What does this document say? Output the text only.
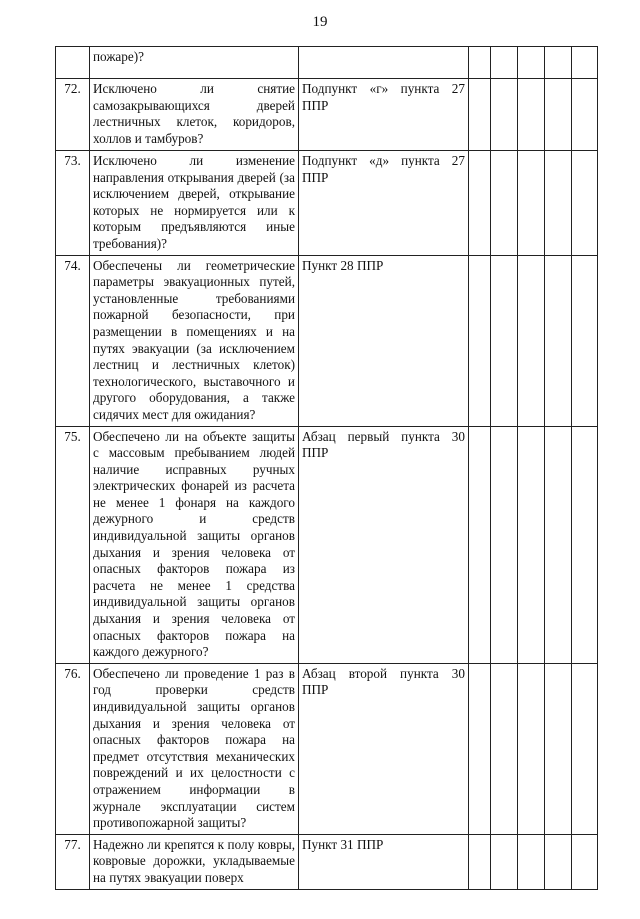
19
	пожаре)?						
72.	Исключено ли снятие самозакрывающихся дверей лестничных клеток, коридоров, холлов и тамбуров?	Подпункт «г» пункта 27 ППР					
73.	Исключено ли изменение направления открывания дверей (за исключением дверей, открывание которых не нормируется или к которым предъявляются иные требования)?	Подпункт «д» пункта 27 ППР					
74.	Обеспечены ли геометрические параметры эвакуационных путей, установленные требованиями пожарной безопасности, при размещении в помещениях и на путях эвакуации (за исключением лестниц и лестничных клеток) технологического, выставочного и другого оборудования, а также сидячих мест для ожидания?	Пункт 28 ППР					
75.	Обеспечено ли на объекте защиты с массовым пребыванием людей наличие исправных ручных электрических фонарей из расчета не менее 1 фонаря на каждого дежурного и средств индивидуальной защиты органов дыхания и зрения человека от опасных факторов пожара из расчета не менее 1 средства индивидуальной защиты органов дыхания и зрения человека от опасных факторов пожара на каждого дежурного?	Абзац первый пункта 30 ППР					
76.	Обеспечено ли проведение 1 раз в год проверки средств индивидуальной защиты органов дыхания и зрения человека от опасных факторов пожара на предмет отсутствия механических повреждений и их целостности с отражением информации в журнале эксплуатации систем противопожарной защиты?	Абзац второй пункта 30 ППР					
77.	Надежно ли крепятся к полу ковры, ковровые дорожки, укладываемые на путях эвакуации поверх	Пункт 31 ППР					
